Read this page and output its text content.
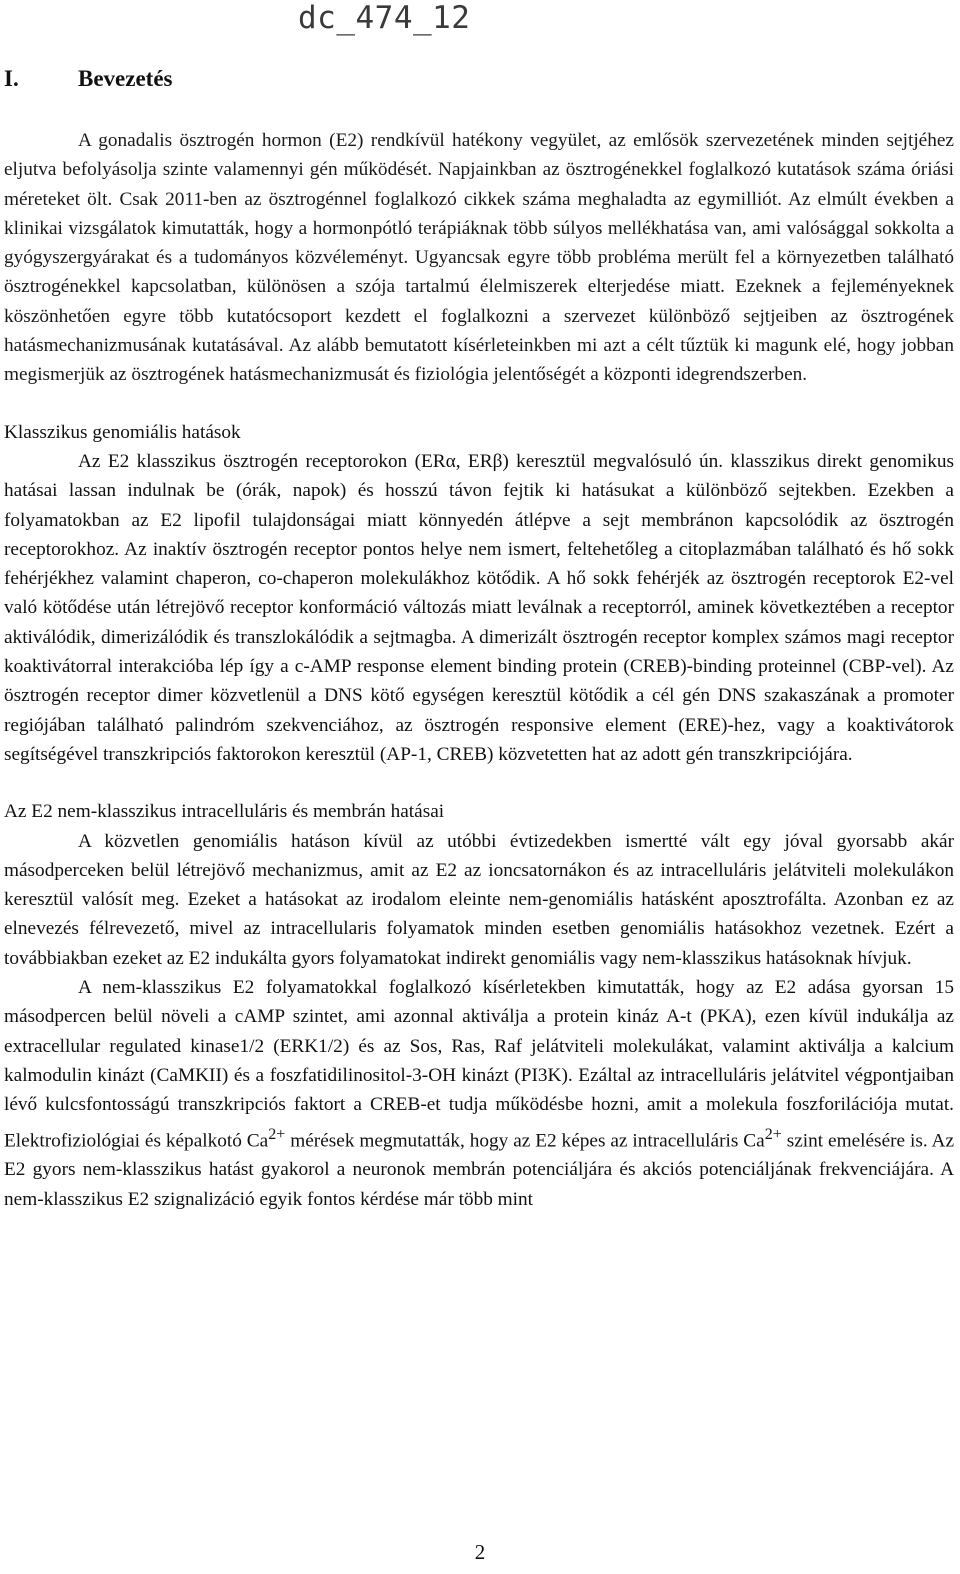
dc_474_12
I.	Bevezetés

A gonadalis ösztrogén hormon (E2) rendkívül hatékony vegyület, az emlősök szervezetének minden sejtjéhez eljutva befolyásolja szinte valamennyi gén működését. Napjainkban az ösztrogénekkel foglalkozó kutatások száma óriási méreteket ölt. Csak 2011-ben az ösztrogénnel foglalkozó cikkek száma meghaladta az egymilliót. Az elmúlt években a klinikai vizsgálatok kimutatták, hogy a hormonpótló terápiáknak több súlyos mellékhatása van, ami valósággal sokkolta a gyógyszergyárakat és a tudományos közvéleményt. Ugyancsak egyre több probléma merült fel a környezetben található ösztrogénekkel kapcsolatban, különösen a szója tartalmú élelmiszerek elterjedése miatt. Ezeknek a fejleményeknek köszönhetően egyre több kutatócsoport kezdett el foglalkozni a szervezet különböző sejtjeiben az ösztrogének hatásmechanizmusának kutatásával. Az alább bemutatott kísérleteinkben mi azt a célt tűztük ki magunk elé, hogy jobban megismerjük az ösztrogének hatásmechanizmusát és fiziológia jelentőségét a központi idegrendszerben.

Klasszikus genomiális hatások

Az E2 klasszikus ösztrogén receptorokon (ERα, ERβ) keresztül megvalósuló ún. klasszikus direkt genomikus hatásai lassan indulnak be (órák, napok) és hosszú távon fejtik ki hatásukat a különböző sejtekben. Ezekben a folyamatokban az E2 lipofil tulajdonságai miatt könnyedén átlépve a sejt membránon kapcsolódik az ösztrogén receptorokhoz. Az inaktív ösztrogén receptor pontos helye nem ismert, feltehetőleg a citoplazmában található és hő sokk fehérjékhez valamint chaperon, co-chaperon molekulákhoz kötődik. A hő sokk fehérjék az ösztrogén receptorok E2-vel való kötődése után létrejövő receptor konformáció változás miatt leválnak a receptorról, aminek következtében a receptor aktiválódik, dimerizálódik és transzlokálódik a sejtmagba. A dimerizált ösztrogén receptor komplex számos magi receptor koaktivátorral interakcióba lép így a c-AMP response element binding protein (CREB)-binding proteinnel (CBP-vel). Az ösztrogén receptor dimer közvetlenül a DNS kötő egységen keresztül kötődik a cél gén DNS szakaszának a promoter regiójában található palindróm szekvenciához, az ösztrogén responsive element (ERE)-hez, vagy a koaktivátorok segítségével transzkripciós faktorokon keresztül (AP-1, CREB) közvetetten hat az adott gén transzkripciójára.

Az E2 nem-klasszikus intracelluláris és membrán hatásai

A közvetlen genomiális hatáson kívül az utóbbi évtizedekben ismertté vált egy jóval gyorsabb akár másodperceken belül létrejövő mechanizmus, amit az E2 az ioncsatornákon és az intracelluláris jelátviteli molekulákon keresztül valósít meg. Ezeket a hatásokat az irodalom eleinte nem-genomiális hatásként aposztrofálta. Azonban ez az elnevezés félrevezető, mivel az intracellularis folyamatok minden esetben genomiális hatásokhoz vezetnek. Ezért a továbbiakban ezeket az E2 indukálta gyors folyamatokat indirekt genomiális vagy nem-klasszikus hatásoknak hívjuk.

A nem-klasszikus E2 folyamatokkal foglalkozó kísérletekben kimutatták, hogy az E2 adása gyorsan 15 másodpercen belül növeli a cAMP szintet, ami azonnal aktiválja a protein kináz A-t (PKA), ezen kívül indukálja az extracellular regulated kinase1/2 (ERK1/2) és az Sos, Ras, Raf jelátviteli molekulákat, valamint aktiválja a kalcium kalmodulin kinázt (CaMKII) és a foszfatidilinositol-3-OH kinázt (PI3K). Ezáltal az intracelluláris jelátvitel végpontjaiban lévő kulcsfontosságú transzkripciós faktort a CREB-et tudja működésbe hozni, amit a molekula foszforilációja mutat. Elektrofiziológiai és képalkotó $Ca^{2+}$ mérések megmutatták, hogy az E2 képes az intracelluláris $Ca^{2+}$ szint emelésére is. Az E2 gyors nem-klasszikus hatást gyakorol a neuronok membrán potenciáljára és akciós potenciáljának frekvenciájára. A nem-klasszikus E2 szignalizáció egyik fontos kérdése már több mint

2
